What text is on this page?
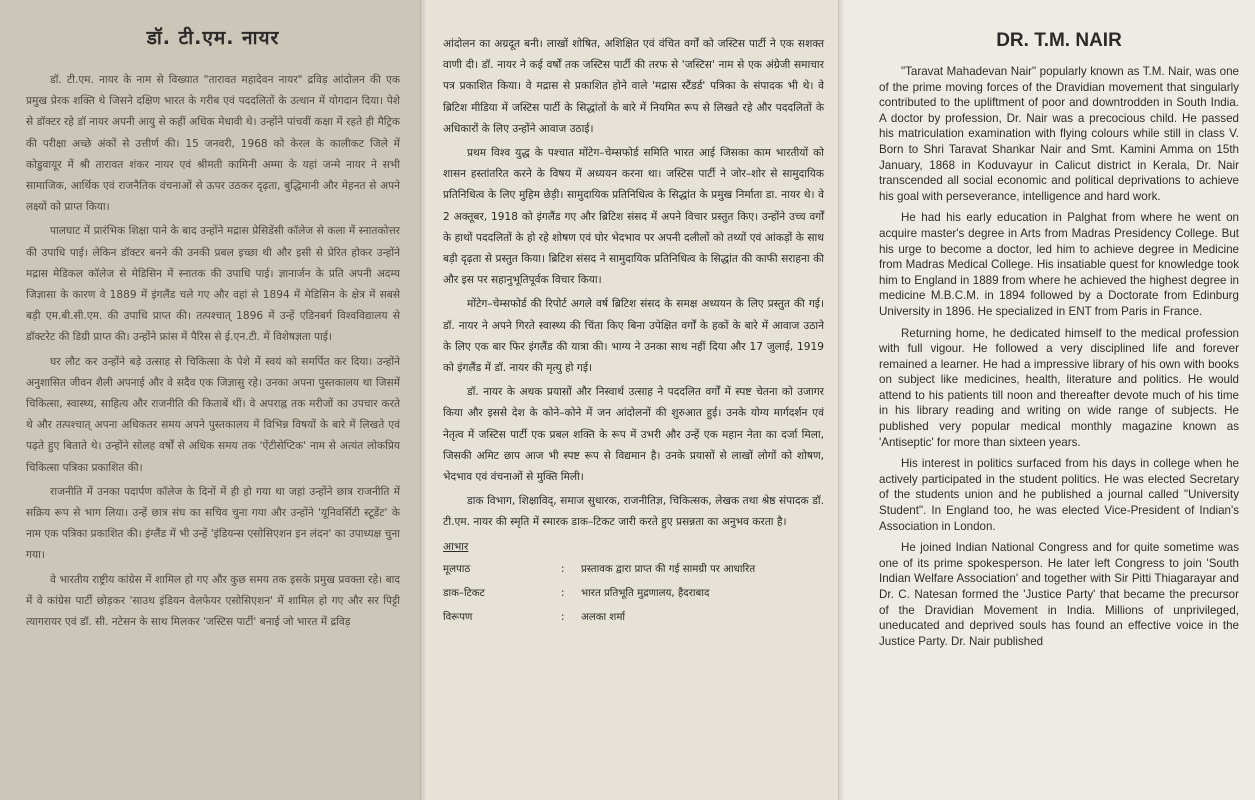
डॉ. टी.एम. नायर

डॉ. टी.एम. नायर के नाम से विख्यात "तारावत महादेवन नायर" द्रविड़ आंदोलन की एक प्रमुख प्रेरक शक्ति थे जिसने दक्षिण भारत के गरीब एवं पददलितों के उत्थान में योगदान दिया। पेशे से डॉक्टर रहे डॉ नायर अपनी आयु से कहीं अधिक मेधावी थे। उन्होंने पांचवीं कक्षा में रहते ही मैट्रिक की परीक्षा अच्छे अंकों से उत्तीर्ण की। 15 जनवरी, 1968 को केरल के कालीकट जिले में कोडुवायूर में श्री तारावत शंकर नायर एवं श्रीमती कामिनी अम्मा के यहां जन्मे नायर ने सभी सामाजिक, आर्थिक एवं राजनैतिक वंचनाओं से ऊपर उठकर दृढ़ता, बुद्धिमानी और मेहनत से अपने लक्ष्यों को प्राप्त किया।

पालघाट में प्रारंभिक शिक्षा पाने के बाद उन्होंने मद्रास प्रेसिडेंसी कॉलेज से कला में स्नातकोत्तर की उपाधि पाई। लेकिन डॉक्टर बनने की उनकी प्रबल इच्छा थी और इसी से प्रेरित होकर उन्होंने मद्रास मेडिकल कॉलेज से मेडिसिन में स्नातक की उपाधि पाई। ज्ञानार्जन के प्रति अपनी अदम्य जिज्ञासा के कारण वे 1889 में इंगलैंड चले गए और वहां से 1894 में मेडिसिन के क्षेत्र में सबसे बड़ी एम.बी.सी.एम. की उपाधि प्राप्त की। तत्पश्चात् 1896 में उन्हें एडिनबर्ग विश्वविद्यालय से डॉक्टरेट की डिग्री प्राप्त की। उन्होंने फ्रांस में पैरिस से ई.एन.टी. में विशेषज्ञता पाई।

घर लौट कर उन्होंने बड़े उत्साह से चिकित्सा के पेशे में स्वयं को समर्पित कर दिया। उन्होंने अनुशासित जीवन शैली अपनाई और वे सदैव एक जिज्ञासु रहे। उनका अपना पुस्तकालय था जिसमें चिकित्सा, स्वास्थ्य, साहित्य और राजनीति की किताबें थीं। वे अपराह्न तक मरीजों का उपचार करते थे और तत्पश्चात् अपना अधिकतर समय अपने पुस्तकालय में विभिन्न विषयों के बारे में लिखते एवं पढ़ते हुए बिताते थे। उन्होंने सोलह वर्षों से अधिक समय तक 'ऐंटीसेप्टिक' नाम से अत्यंत लोकप्रिय चिकित्सा पत्रिका प्रकाशित की।

राजनीति में उनका पदार्पण कॉलेज के दिनों में ही हो गया था जहां उन्होंने छात्र राजनीति में सक्रिय रूप से भाग लिया। उन्हें छात्र संघ का सचिव चुना गया और उन्होंने 'यूनिवर्सिटी स्टूडेंट' के नाम एक पत्रिका प्रकाशित की। इंग्लैंड में भी उन्हें 'इंडियन्स एसोसिएशन इन लंदन' का उपाध्यक्ष चुना गया।

वे भारतीय राष्ट्रीय कांग्रेस में शामिल हो गए और कुछ समय तक इसके प्रमुख प्रवक्ता रहे। बाद में वे कांग्रेस पार्टी छोड़कर 'साउथ इंडियन वेलफेयर एसोसिएशन' में शामिल हो गए और सर पिट्टी त्यागरायर एवं डॉ. सी. नटेसन के साथ मिलकर 'जस्टिस पार्टी' बनाई जो भारत में द्रविड़

आंदोलन का अग्रदूत बनी। लाखों शोषित, अशिक्षित एवं वंचित वर्गों को जस्टिस पार्टी ने एक सशक्त वाणी दी। डॉ. नायर ने कई वर्षों तक जस्टिस पार्टी की तरफ से 'जस्टिस' नाम से एक अंग्रेजी समाचार पत्र प्रकाशित किया। वे मद्रास से प्रकाशित होने वाले 'मद्रास स्टैंडर्ड' पत्रिका के संपादक भी थे। वे ब्रिटिश मीडिया में जस्टिस पार्टी के सिद्धांतों के बारे में नियमित रूप से लिखते रहे और पददलितों के अधिकारों के लिए उन्होंने आवाज उठाई।

प्रथम विश्व युद्ध के पश्चात मोंटेग–चेम्सफोर्ड समिति भारत आई जिसका काम भारतीयों को शासन हस्तांतरित करने के विषय में अध्ययन करना था। जस्टिस पार्टी ने जोर–शोर से सामुदायिक प्रतिनिधित्व के लिए मुहिम छेड़ी। सामुदायिक प्रतिनिधित्व के सिद्धांत के प्रमुख निर्माता डा. नायर थे। वे 2 अक्तूबर, 1918 को इंगलैंड गए और ब्रिटिश संसद में अपने विचार प्रस्तुत किए। उन्होंने उच्च वर्गों के हाथों पददलितों के हो रहे शोषण एवं घोर भेदभाव पर अपनी दलीलों को तथ्यों एवं आंकड़ों के साथ बड़ी दृढ़ता से प्रस्तुत किया। ब्रिटिश संसद ने सामुदायिक प्रतिनिधित्व के सिद्धांत की काफी सराहना की और इस पर सहानुभूतिपूर्वक विचार किया।

मोंटेग–चेम्सफोर्ड की रिपोर्ट अगले वर्ष ब्रिटिश संसद के समक्ष अध्ययन के लिए प्रस्तुत की गई। डॉ. नायर ने अपने गिरते स्वास्थ्य की चिंता किए बिना उपेक्षित वर्गों के हकों के बारे में आवाज उठाने के लिए एक बार फिर इंगलैंड की यात्रा की। भाग्य ने उनका साथ नहीं दिया और 17 जुलाई, 1919 को इंगलैंड में डॉ. नायर की मृत्यु हो गई।

डॉ. नायर के अथक प्रयासों और निस्वार्थ उत्साह ने पददलित वर्गों में स्पष्ट चेतना को उजागर किया और इससे देश के कोने–कोने में जन आंदोलनों की शुरुआत हुई। उनके योग्य मार्गदर्शन एवं नेतृत्व में जस्टिस पार्टी एक प्रबल शक्ति के रूप में उभरी और उन्हें एक महान नेता का दर्जा मिला, जिसकी अमिट छाप आज भी स्पष्ट रूप से विद्यमान है। उनके प्रयासों से लाखों लोगों को शोषण, भेदभाव एवं वंचनाओं से मुक्ति मिली।

डाक विभाग, शिक्षाविद्, समाज सुधारक, राजनीतिज्ञ, चिकित्सक, लेखक तथा श्रेष्ठ संपादक डॉ. टी.एम. नायर की स्मृति में स्मारक डाक–टिकट जारी करते हुए प्रसन्नता का अनुभव करता है।

आभार
मूलपाठ	:	प्रस्तावक द्वारा प्राप्त की गई सामग्री पर आधारित
डाक–टिकट	:	भारत प्रतिभूति मुद्रणालय, हैदराबाद
विरूपण	:	अलका शर्मा
DR. T.M. NAIR

"Taravat Mahadevan Nair" popularly known as T.M. Nair, was one of the prime moving forces of the Dravidian movement that singularly contributed to the upliftment of poor and downtrodden in South India. A doctor by profession, Dr. Nair was a precocious child. He passed his matriculation examination with flying colours while still in class V. Born to Shri Taravat Shankar Nair and Smt. Kamini Amma on 15th January, 1868 in Koduvayur in Calicut district in Kerala, Dr. Nair transcended all social economic and political deprivations to achieve his goal with perseverance, intelligence and hard work.

He had his early education in Palghat from where he went on acquire master's degree in Arts from Madras Presidency College. But his urge to become a doctor, led him to achieve degree in Medicine from Madras Medical College. His insatiable quest for knowledge took him to England in 1889 from where he achieved the highest degree in medicine M.B.C.M. in 1894 followed by a Doctorate from Edinburg University in 1896. He specialized in ENT from Paris in France.

Returning home, he dedicated himself to the medical profession with full vigour. He followed a very disciplined life and forever remained a learner. He had a impressive library of his own with books on subject like medicines, health, literature and politics. He would attend to his patients till noon and thereafter devote much of his time in his library reading and writing on wide range of subjects. He published very popular medical monthly magazine known as 'Antiseptic' for more than sixteen years.

His interest in politics surfaced from his days in college when he actively participated in the student politics. He was elected Secretary of the students union and he published a journal called "University Student". In England too, he was elected Vice-President of Indian's Association in London.

He joined Indian National Congress and for quite sometime was one of its prime spokesperson. He later left Congress to join 'South Indian Welfare Association' and together with Sir Pitti Thiagarayar and Dr. C. Natesan formed the 'Justice Party' that became the precursor of the Dravidian Movement in India. Millions of unprivileged, uneducated and deprived souls has found an effective voice in the Justice Party. Dr. Nair published
